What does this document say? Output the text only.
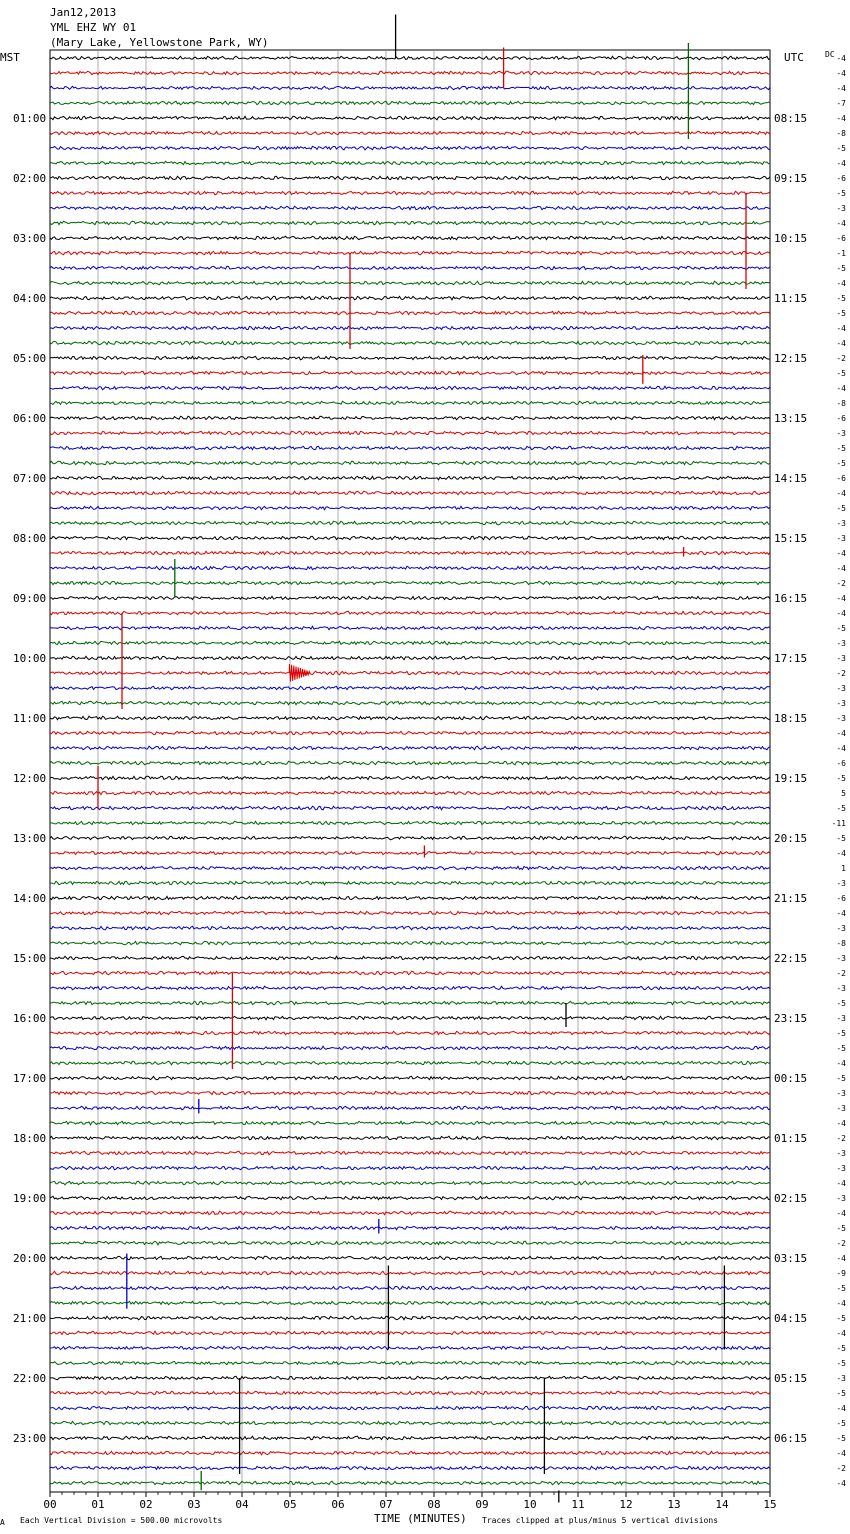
Jan12,2013
YML EHZ WY 01
(Mary Lake, Yellowstone Park, WY)
MST	UTC	DC
01:00
02:00
03:00
04:00
05:00
06:00
07:00
08:00
09:00
10:00
11:00
12:00
13:00
14:00
15:00
16:00
17:00
18:00
19:00
20:00
21:00
22:00
23:00
08:15
09:15
10:15
11:15
12:15
13:15
14:15
15:15
16:15
17:15
18:15
19:15
20:15
21:15
22:15
23:15
00:15
01:15
02:15
03:15
04:15
05:15
06:15
-4
-4
-4
-7
-4
-8
-5
-4
-6
-5
-3
-4
-6
-1
-5
-4
-5
-5
-4
-4
-2
-5
-4
-8
-6
-3
-5
-5
-6
-4
-5
-3
-3
-4
-4
-2
-4
-4
-5
-3
-3
-2
-3
-3
-3
-4
-4
-6
-5
5
-5
-11
-5
-4
1
-3
-6
-4
-3
-8
-3
-2
-3
-5
-3
-5
-5
-4
-5
-3
-3
-4
-2
-3
-3
-4
-3
-4
-5
-2
-4
-9
-5
-4
-5
-4
-5
-5
-3
-5
-4
-5
-5
-4
-2
-4
00	01	02	03	04	05	06	07	08	09	10	11	12	13	14	15
TIME (MINUTES)
A Each Vertical Division = 500.00 microvolts	Traces clipped at plus/minus 5 vertical divisions
